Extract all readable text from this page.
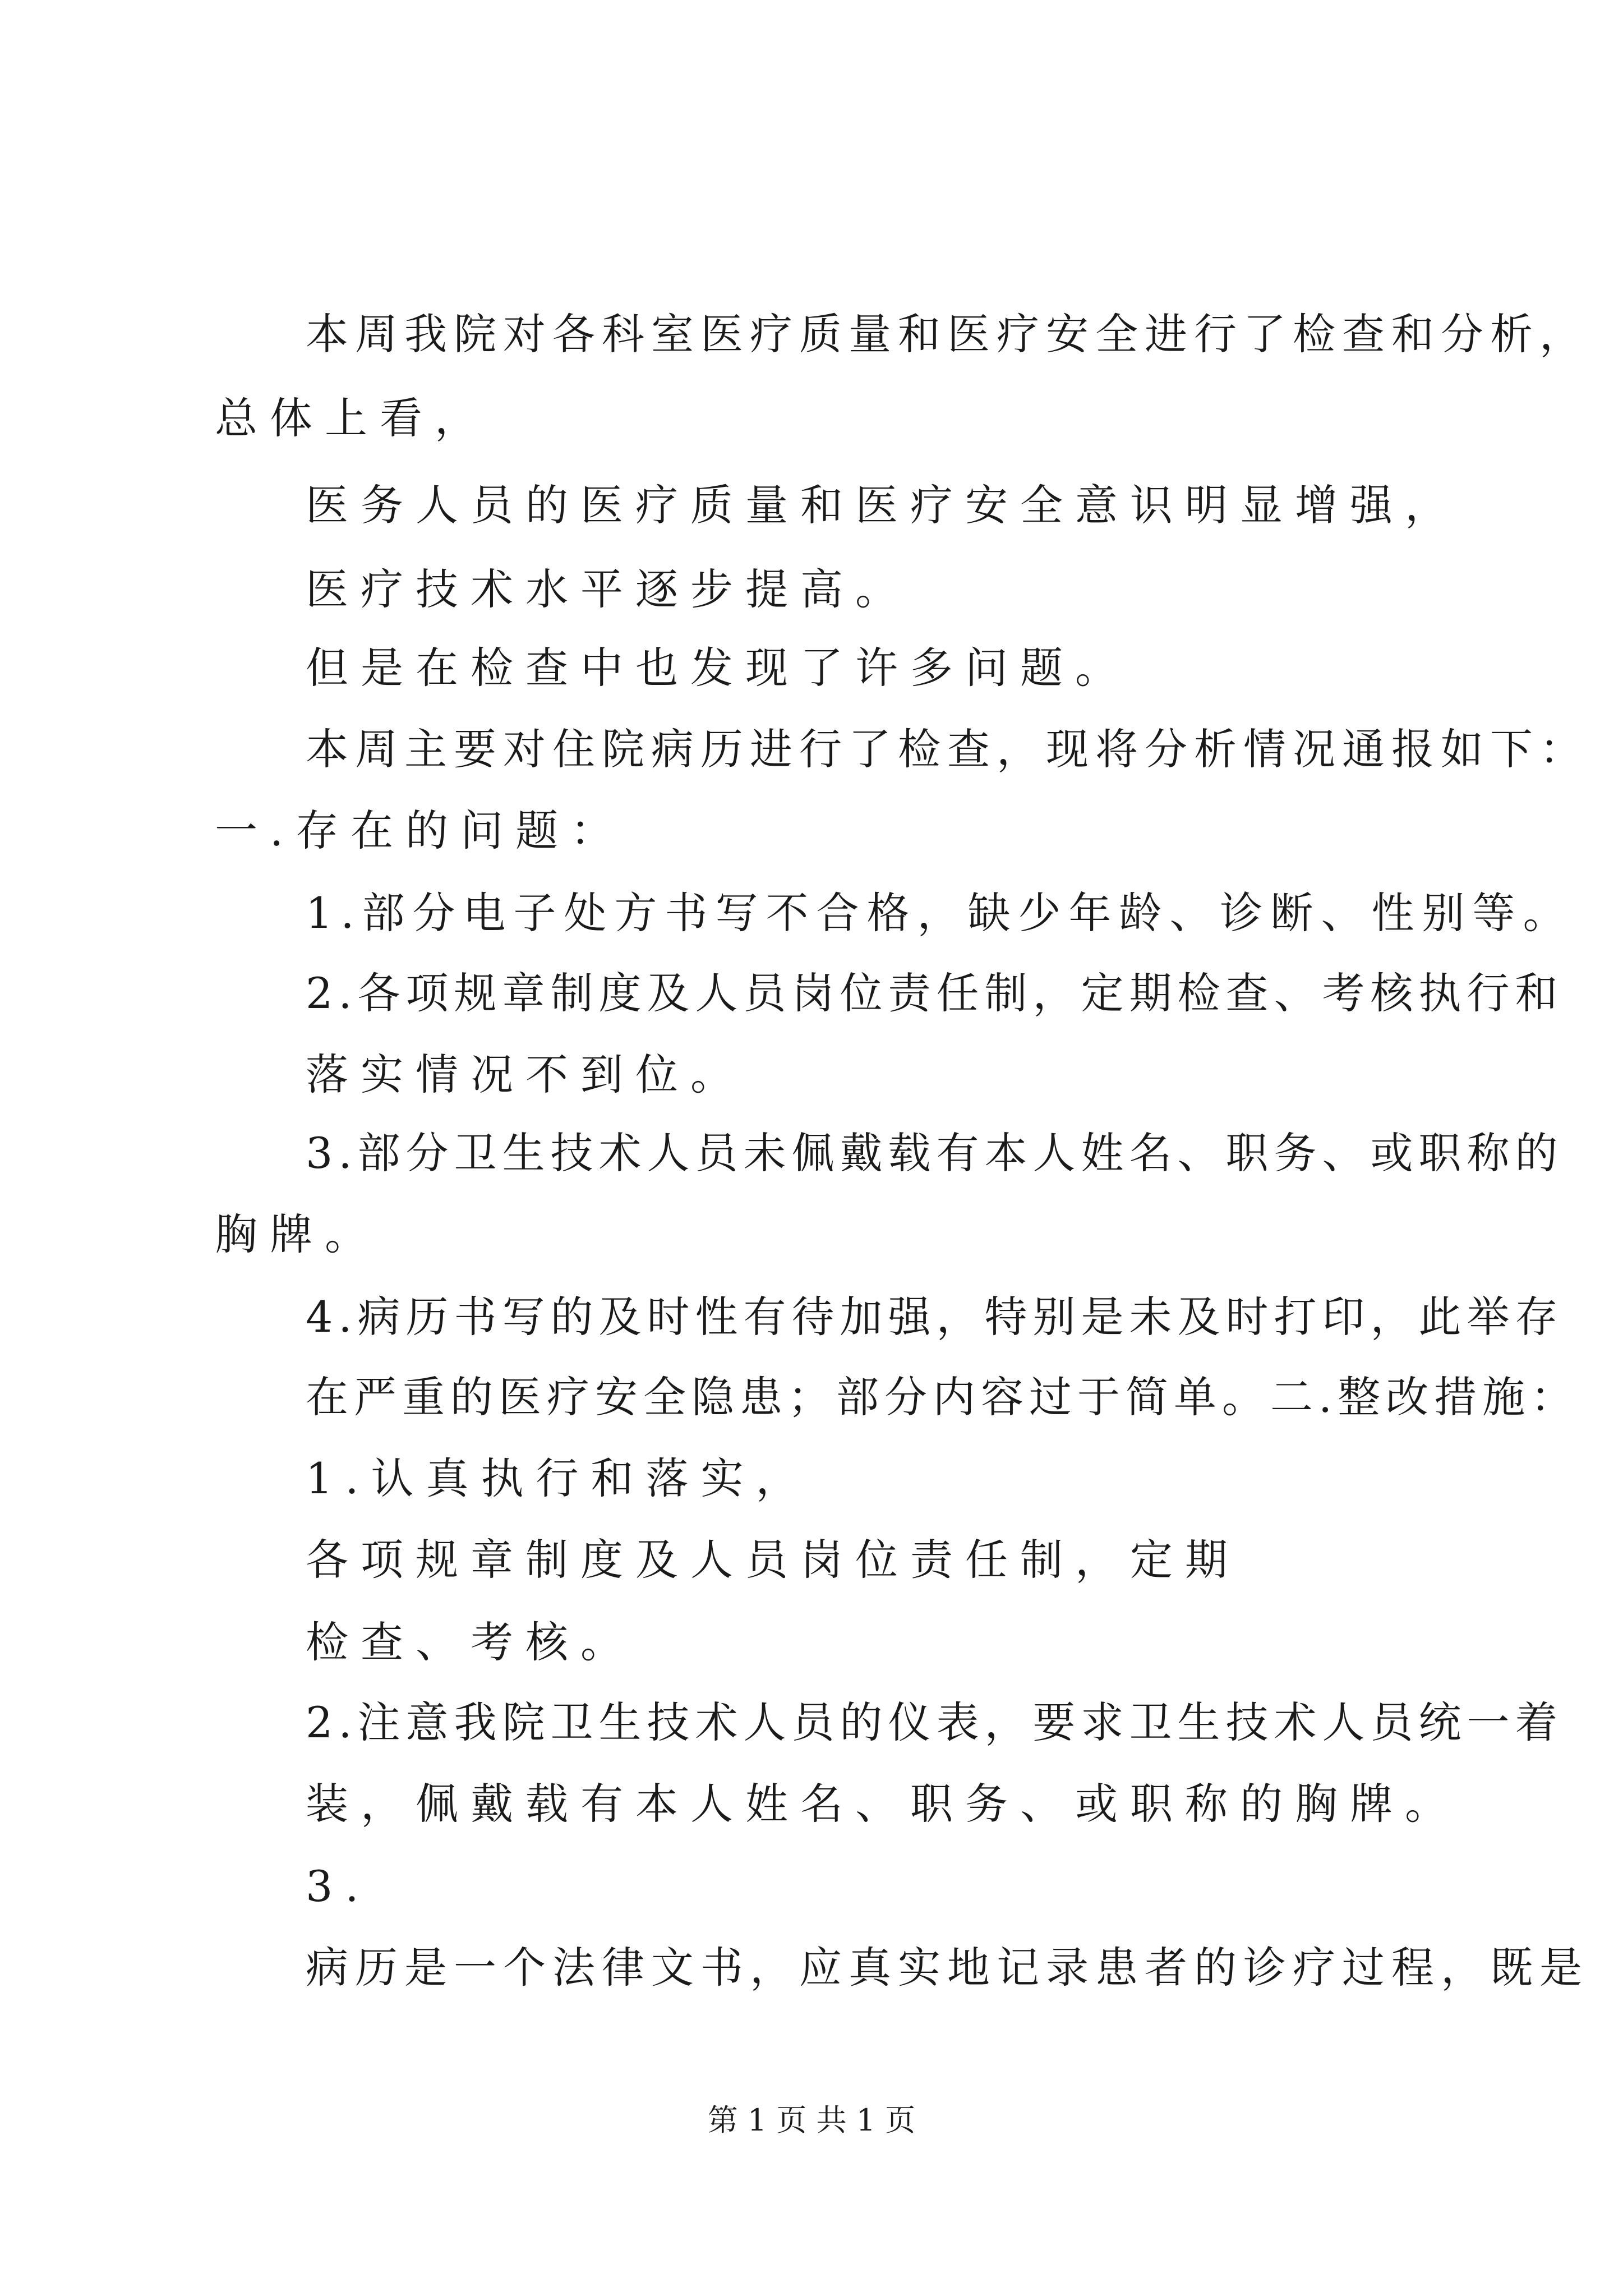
本周我院对各科室医疗质量和医疗安全进行了检查和分析，

总体上看，

医务人员的医疗质量和医疗安全意识明显增强，

医疗技术水平逐步提高。

但是在检查中也发现了许多问题。

本周主要对住院病历进行了检查，现将分析情况通报如下：

一.存在的问题：

1.部分电子处方书写不合格，缺少年龄、诊断、性别等。

2.各项规章制度及人员岗位责任制，定期检查、考核执行和

落实情况不到位。

3.部分卫生技术人员未佩戴载有本人姓名、职务、或职称的

胸牌。

4.病历书写的及时性有待加强，特别是未及时打印，此举存

在严重的医疗安全隐患；部分内容过于简单。二.整改措施：

1.认真执行和落实，

各项规章制度及人员岗位责任制，定期

检查、考核。

2.注意我院卫生技术人员的仪表，要求卫生技术人员统一着

装，佩戴载有本人姓名、职务、或职称的胸牌。

3.

病历是一个法律文书，应真实地记录患者的诊疗过程，既是

第 1 页 共 1 页
